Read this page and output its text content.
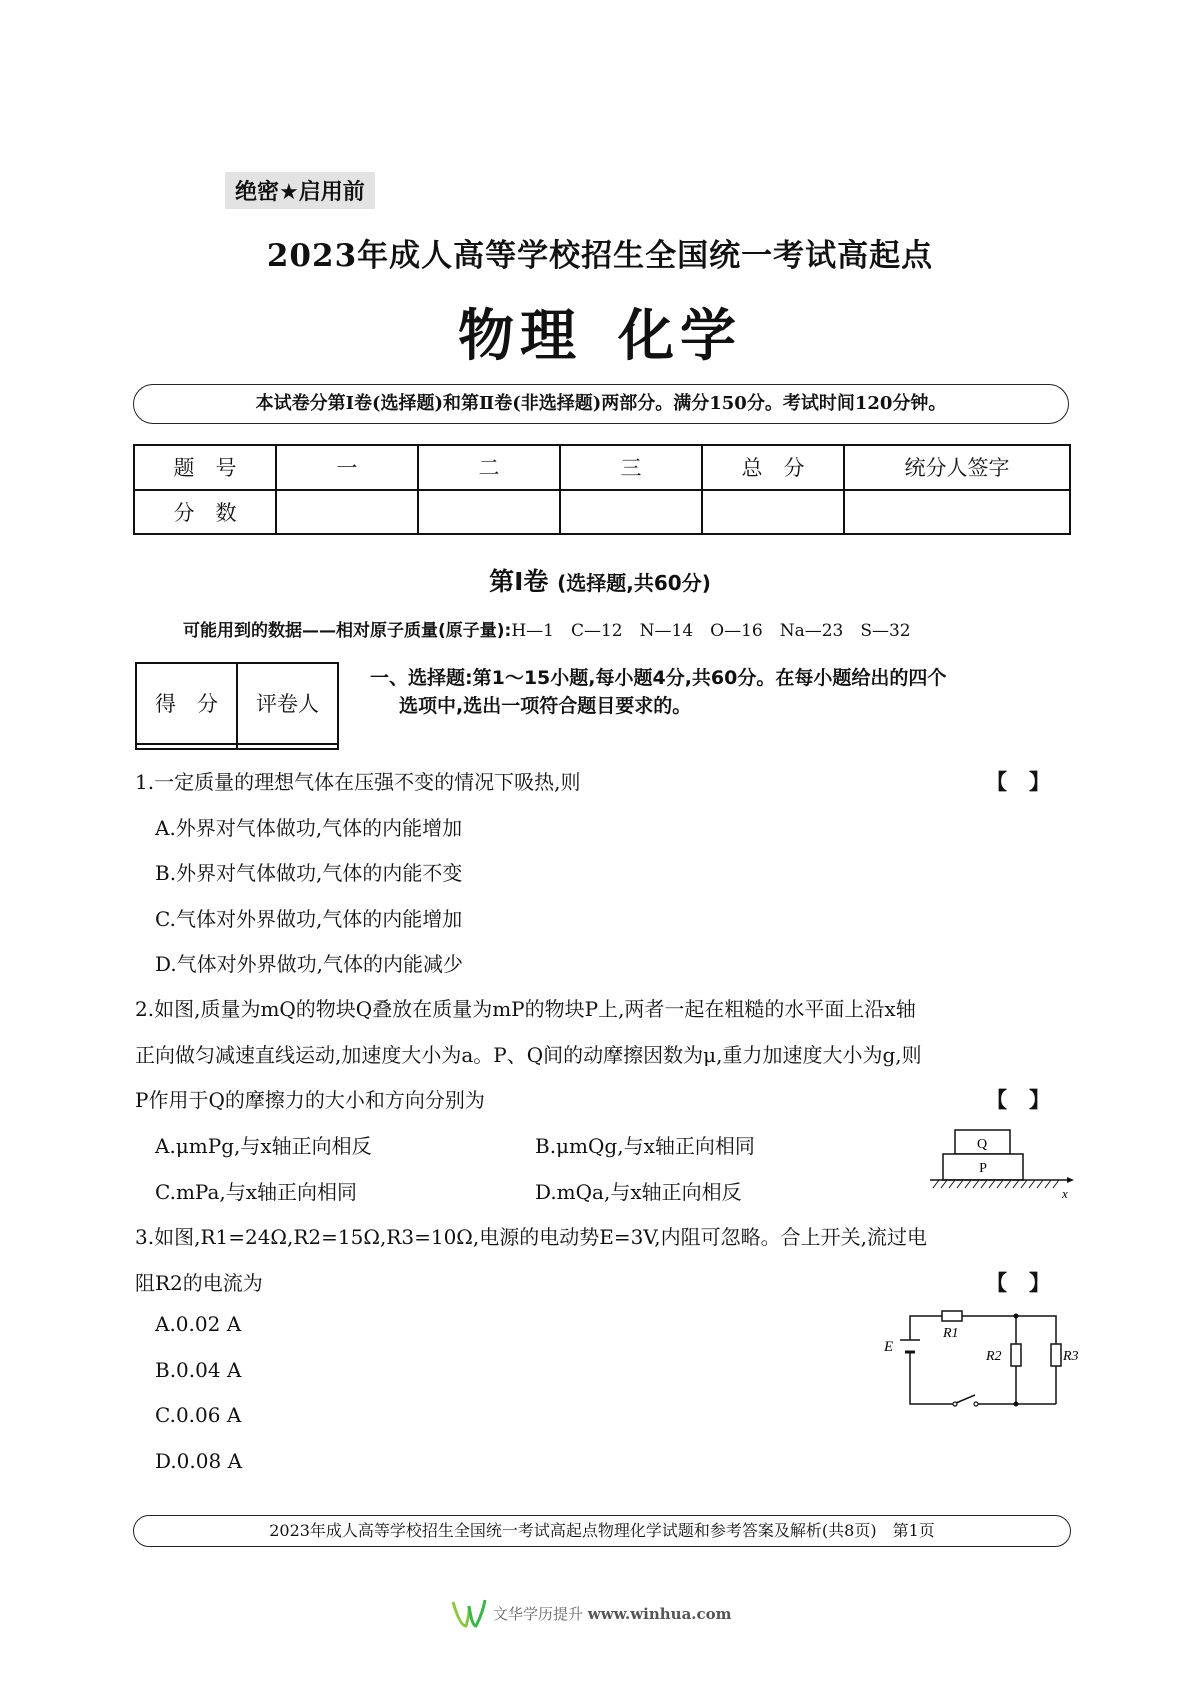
绝密★启用前
2023年成人高等学校招生全国统一考试高起点
物理 化学
本试卷分第Ⅰ卷(选择题)和第Ⅱ卷(非选择题)两部分。满分150分。考试时间120分钟。
题　号	一	二	三	总　分	统分人签字
分　数					
第Ⅰ卷 (选择题,共60分)
可能用到的数据——相对原子质量(原子量):H—1　C—12　N—14　O—16　Na—23　S—32
得　分	评卷人

一、选择题:第1～15小题,每小题4分,共60分。在每小题给出的四个
选项中,选出一项符合题目要求的。
1.一定质量的理想气体在压强不变的情况下吸热,则	【】
A.外界对气体做功,气体的内能增加
B.外界对气体做功,气体的内能不变
C.气体对外界做功,气体的内能增加
D.气体对外界做功,气体的内能减少
2.如图,质量为mQ的物块Q叠放在质量为mP的物块P上,两者一起在粗糙的水平面上沿x轴
正向做匀减速直线运动,加速度大小为a。P、Q间的动摩擦因数为μ,重力加速度大小为g,则
P作用于Q的摩擦力的大小和方向分别为	【】
A.μmPg,与x轴正向相反	B.μmQg,与x轴正向相同
C.mPa,与x轴正向相同	D.mQa,与x轴正向相反
Q
P
x
3.如图,R1=24Ω,R2=15Ω,R3=10Ω,电源的电动势E=3V,内阻可忽略。合上开关,流过电
阻R2的电流为	【】
A.0.02 A
B.0.04 A
C.0.06 A
D.0.08 A
E
R1
R2	R3
2023年成人高等学校招生全国统一考试高起点物理化学试题和参考答案及解析(共8页)　第1页
文华学历提升 www.winhua.com
